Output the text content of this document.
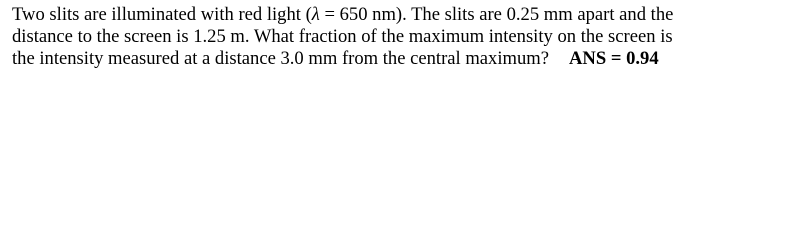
Two slits are illuminated with red light (λ = 650 nm). The slits are 0.25 mm apart and the
distance to the screen is 1.25 m. What fraction of the maximum intensity on the screen is
the intensity measured at a distance 3.0 mm from the central maximum? ANS = 0.94
